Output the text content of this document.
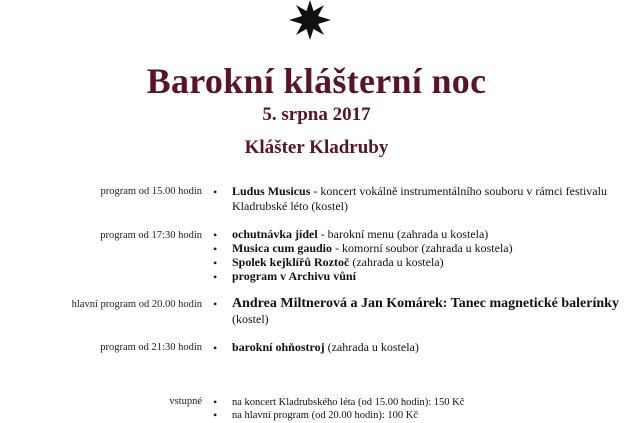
Barokní klášterní noc
5. srpna 2017
Klášter Kladruby
program od 15.00 hodin • Ludus Musicus - koncert vokálně instrumentálního souboru v rámci festivalu Kladrubské léto (kostel)
program od 17:30 hodin • ochutnávka jídel - barokní menu (zahrada u kostela)
• Musica cum gaudio - komorní soubor (zahrada u kostela)
• Spolek kejklířů Roztoč (zahrada u kostela)
• program v Archivu vůní
hlavní program od 20.00 hodin • Andrea Miltnerová a Jan Komárek: Tanec magnetické balerínky (kostel)
program od 21:30 hodin • barokní ohňostroj (zahrada u kostela)
vstupné • na koncert Kladrubského léta (od 15.00 hodin): 150 Kč
• na hlavní program (od 20.00 hodin): 100 Kč
